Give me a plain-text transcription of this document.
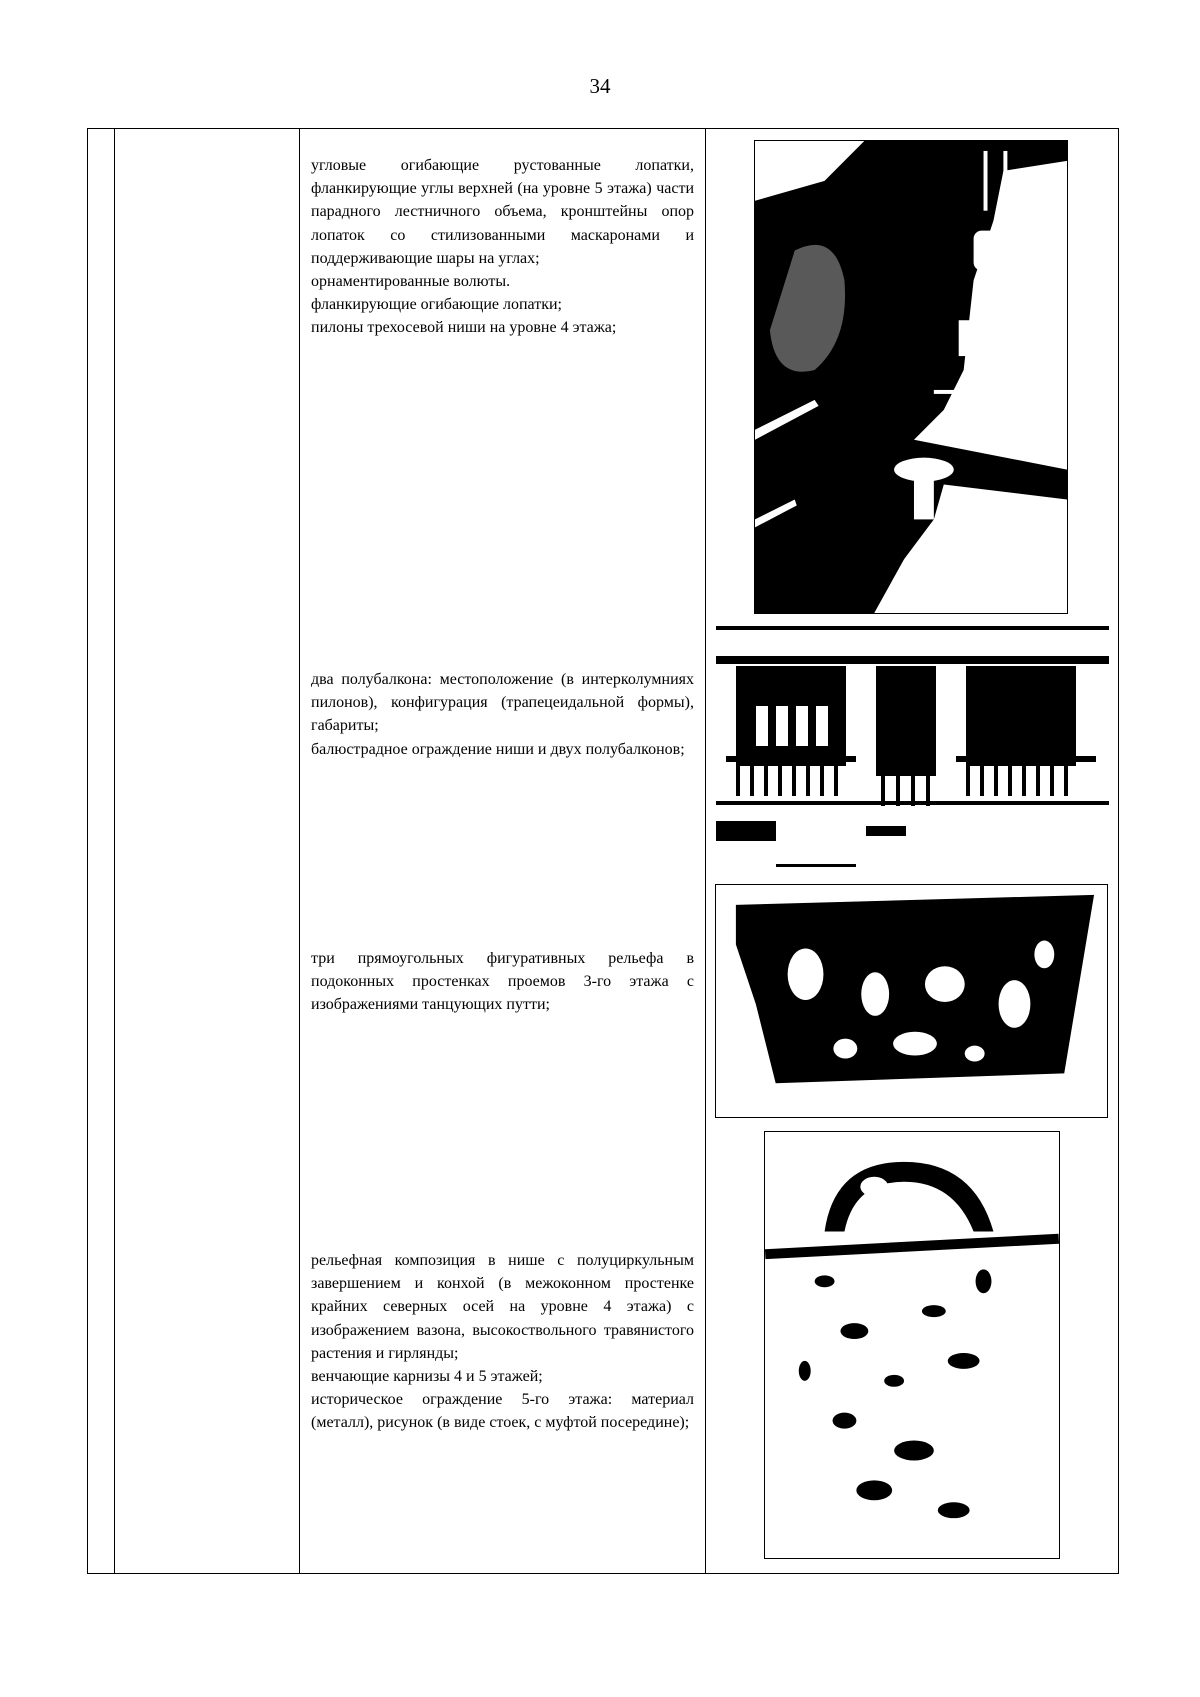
34

угловые огибающие рустованные лопатки, фланкирующие углы верхней (на уровне 5 этажа) части парадного лестничного объема, кронштейны опор лопаток со стилизованными маскаронами и поддерживающие шары на углах;

орнаментированные волюты.

фланкирующие огибающие лопатки;

пилоны трехосевой ниши на уровне 4 этажа;

два полубалкона: местоположение (в интерколумниях пилонов), конфигурация (трапецеидальной формы), габариты;

балюстрадное ограждение ниши и двух полубалконов;

три прямоугольных фигуративных рельефа в подоконных простенках проемов 3-го этажа с изображениями танцующих путти;

рельефная композиция в нише с полуциркульным завершением и конхой (в межоконном простенке крайних северных осей на уровне 4 этажа) с изображением вазона, высокоствольного травянистого растения и гирлянды;

венчающие карнизы 4 и 5 этажей;

историческое ограждение 5-го этажа: материал (металл), рисунок (в виде стоек, с муфтой посередине);
